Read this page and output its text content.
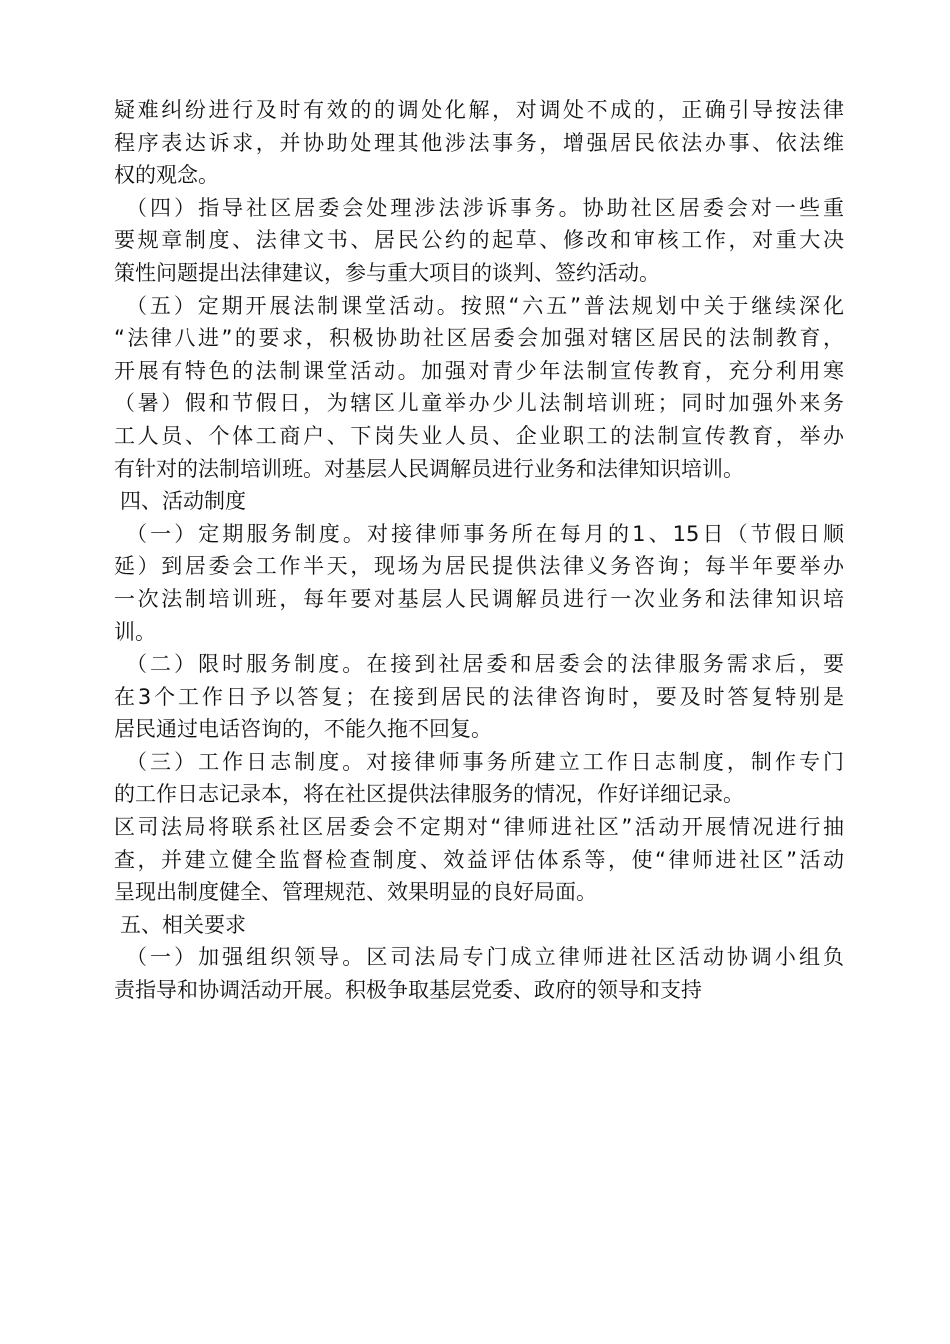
疑难纠纷进行及时有效的的调处化解，对调处不成的，正确引导按法律
程序表达诉求，并协助处理其他涉法事务，增强居民依法办事、依法维
权的观念。
（四）指导社区居委会处理涉法涉诉事务。协助社区居委会对一些重
要规章制度、法律文书、居民公约的起草、修改和审核工作，对重大决
策性问题提出法律建议，参与重大项目的谈判、签约活动。
（五）定期开展法制课堂活动。按照“六五”普法规划中关于继续深化
“法律八进”的要求，积极协助社区居委会加强对辖区居民的法制教育，
开展有特色的法制课堂活动。加强对青少年法制宣传教育，充分利用寒
（暑）假和节假日，为辖区儿童举办少儿法制培训班；同时加强外来务
工人员、个体工商户、下岗失业人员、企业职工的法制宣传教育，举办
有针对的法制培训班。对基层人民调解员进行业务和法律知识培训。
四、活动制度
（一）定期服务制度。对接律师事务所在每月的1、15日（节假日顺
延）到居委会工作半天，现场为居民提供法律义务咨询；每半年要举办
一次法制培训班，每年要对基层人民调解员进行一次业务和法律知识培
训。
（二）限时服务制度。在接到社居委和居委会的法律服务需求后，要
在3个工作日予以答复；在接到居民的法律咨询时，要及时答复特别是
居民通过电话咨询的，不能久拖不回复。
（三）工作日志制度。对接律师事务所建立工作日志制度，制作专门
的工作日志记录本，将在社区提供法律服务的情况，作好详细记录。
区司法局将联系社区居委会不定期对“律师进社区”活动开展情况进行抽
查，并建立健全监督检查制度、效益评估体系等，使“律师进社区”活动
呈现出制度健全、管理规范、效果明显的良好局面。
五、相关要求
（一）加强组织领导。区司法局专门成立律师进社区活动协调小组负
责指导和协调活动开展。积极争取基层党委、政府的领导和支持
